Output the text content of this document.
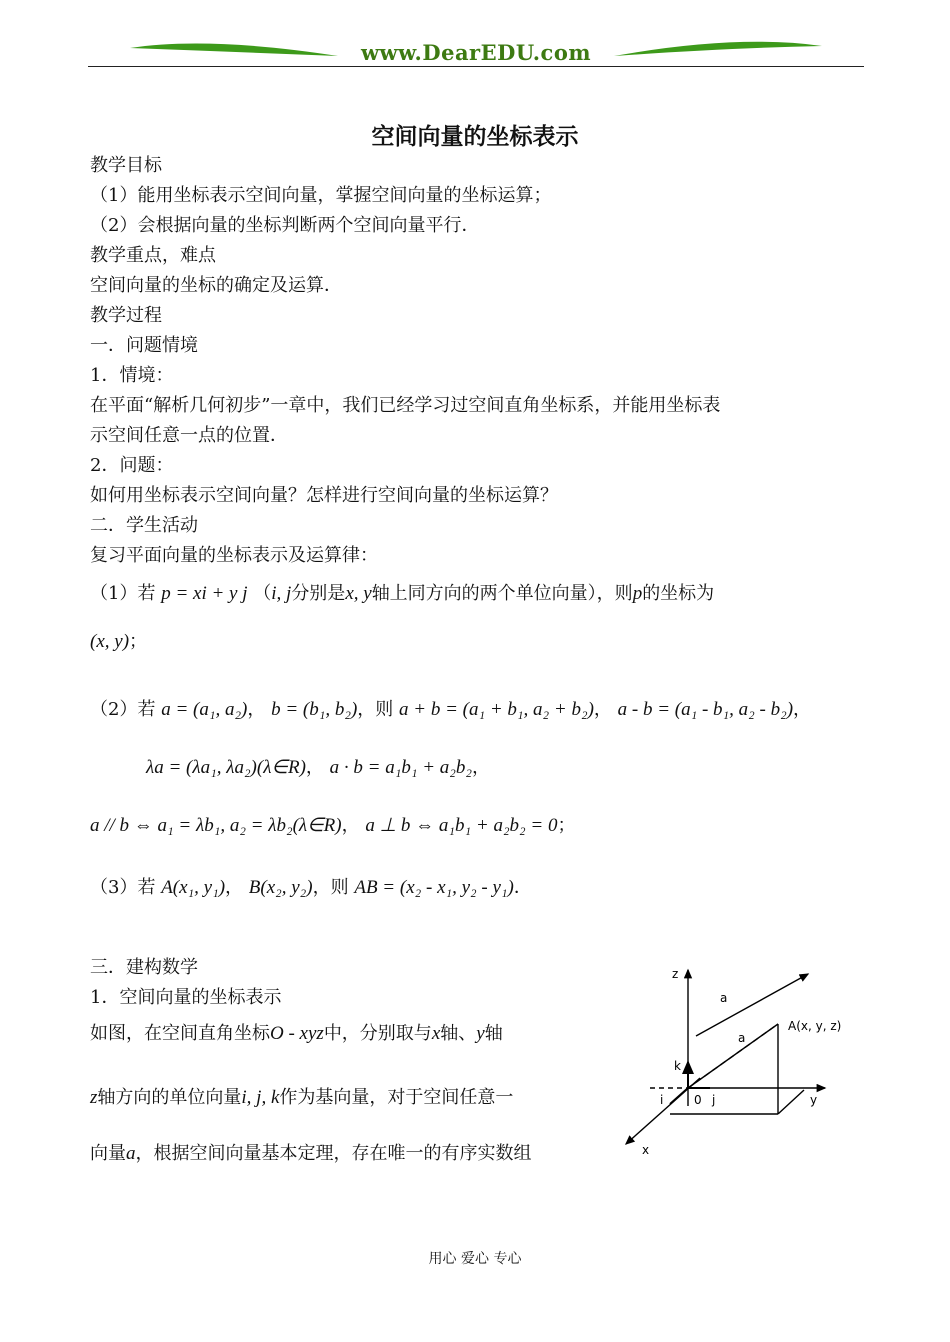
www.DearEDU.com
空间向量的坐标表示
教学目标
（1）能用坐标表示空间向量，掌握空间向量的坐标运算；
（2）会根据向量的坐标判断两个空间向量平行．
教学重点，难点
空间向量的坐标的确定及运算．
教学过程
一．问题情境
1．情境：
在平面“解析几何初步”一章中，我们已经学习过空间直角坐标系，并能用坐标表
示空间任意一点的位置．
2．问题：
如何用坐标表示空间向量？怎样进行空间向量的坐标运算？
二．学生活动
复习平面向量的坐标表示及运算律：
（1）若 p = xi + y j （i, j分别是x, y轴上同方向的两个单位向量），则p的坐标为
(x, y)；
（2）若 a = (a₁, a₂)， b = (b₁, b₂)，则 a + b = (a₁ + b₁, a₂ + b₂)， a - b = (a₁ - b₁, a₂ - b₂)，
λa = (λa₁, λa₂)(λ∈R)， a · b = a₁b₁ + a₂b₂，
a // b ⇔ a₁ = λb₁, a₂ = λb₂(λ∈R)， a ⊥ b ⇔ a₁b₁ + a₂b₂ = 0；
（3）若 A(x₁, y₁)， B(x₂, y₂)，则 AB = (x₂ - x₁, y₂ - y₁)．
三．建构数学
1．空间向量的坐标表示
如图，在空间直角坐标O - xyz中，分别取与x轴、y轴
z轴方向的单位向量i, j, k作为基向量，对于空间任意一
向量a，根据空间向量基本定理，存在唯一的有序实数组
z
y
x
a
a
A(x, y, z)
k
i	0 j
用心 爱心 专心
